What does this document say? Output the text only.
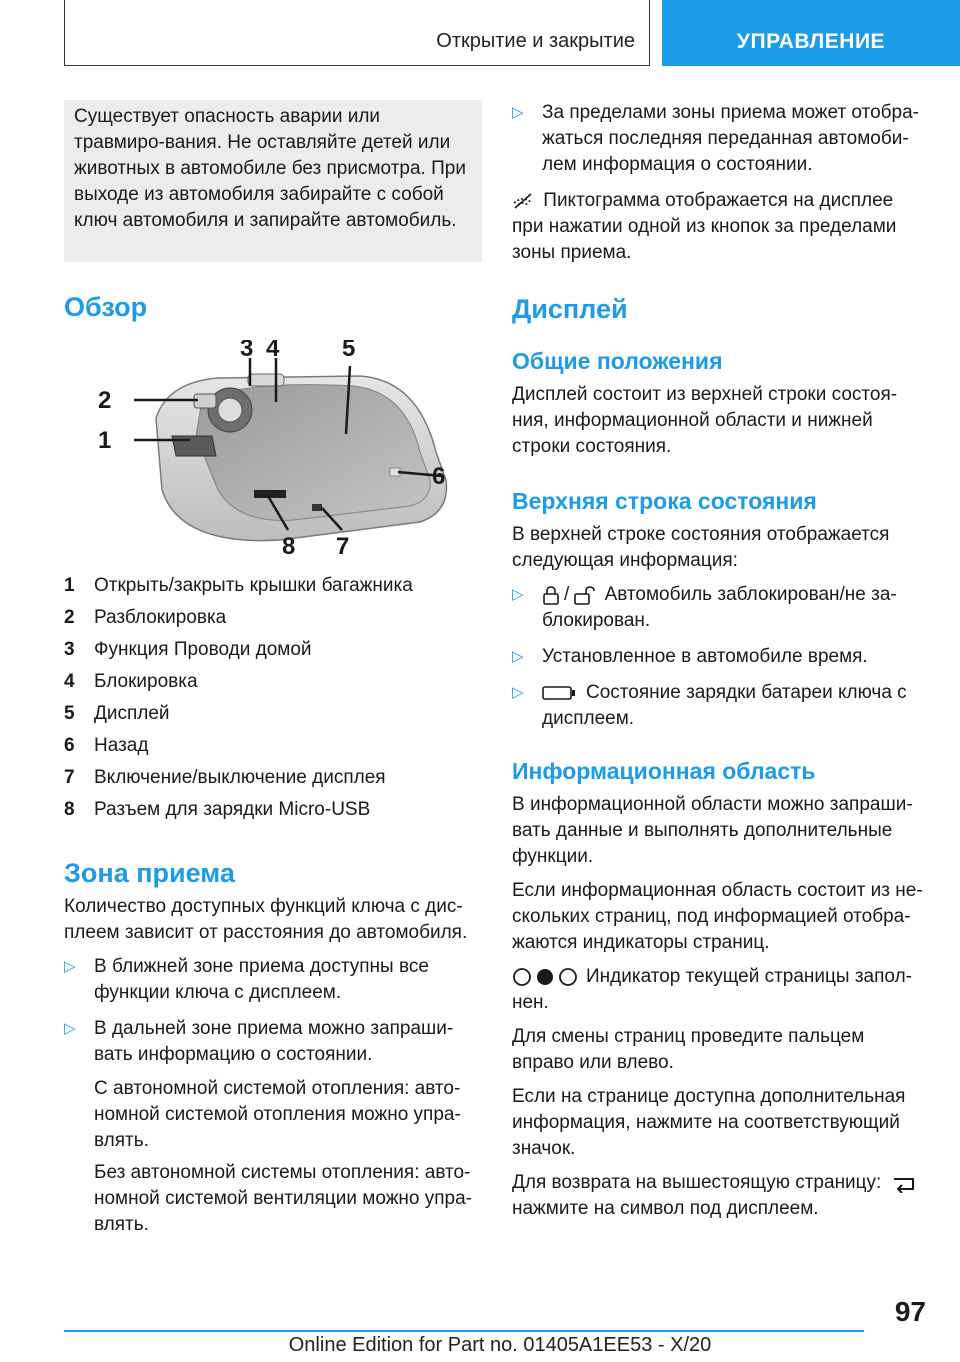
Открытие и закрытие	УПРАВЛЕНИЕ

Существует опасность аварии или травмиро-вания. Не оставляйте детей или животных в автомобиле без присмотра. При выходе из автомобиля забирайте с собой ключ автомобиля и запирайте автомобиль.

Обзор
1
2
3 4	5
6
7
8
1	Открыть/закрыть крышки багажника
2	Разблокировка
3	Функция Проводи домой
4	Блокировка
5	Дисплей
6	Назад
7	Включение/выключение дисплея
8	Разъем для зарядки Micro-USB
Зона приема

Количество доступных функций ключа с дис-плеем зависит от расстояния до автомобиля.

▷ В ближней зоне приема доступны все функции ключа с дисплеем.
▷ В дальней зоне приема можно запраши-вать информацию о состоянии.

С автономной системой отопления: авто-номной системой отопления можно упра-влять.

Без автономной системы отопления: авто-номной системой вентиляции можно упра-влять.

▷ За пределами зоны приема может отобра-жаться последняя переданная автомоби-лем информация о состоянии.

Пиктограмма отображается на дисплее при нажатии одной из кнопок за пределами зоны приема.

Дисплей
Общие положения

Дисплей состоит из верхней строки состоя-ния, информационной области и нижней строки состояния.

Верхняя строка состояния

В верхней строке состояния отображается следующая информация:

▷ / Автомобиль заблокирован/не за-блокирован.
▷ Установленное в автомобиле время.
▷	Состояние зарядки батареи ключа с дисплеем.
Информационная область

В информационной области можно запраши-вать данные и выполнять дополнительные функции.

Если информационная область состоит из не-скольких страниц, под информацией отобра-жаются индикаторы страниц.

Индикатор текущей страницы запол-нен.

Для смены страниц проведите пальцем вправо или влево.

Если на странице доступна дополнительная информация, нажмите на соответствующий значок.

Для возврата на вышестоящую страницу:
нажмите на символ под дисплеем.

97
Online Edition for Part no. 01405A1EE53 - X/20
